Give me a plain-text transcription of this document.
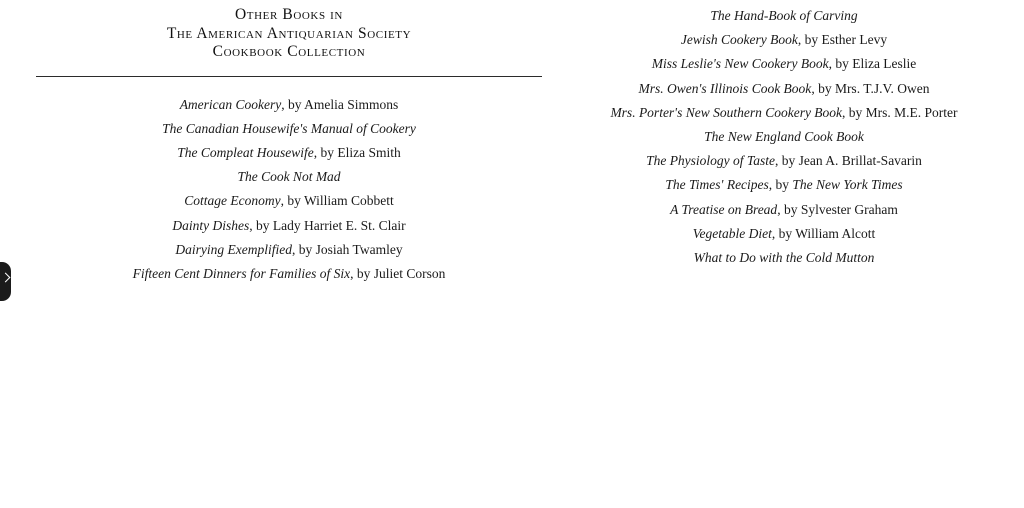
Other Books in
The American Antiquarian Society
Cookbook Collection
American Cookery, by Amelia Simmons
The Canadian Housewife's Manual of Cookery
The Compleat Housewife, by Eliza Smith
The Cook Not Mad
Cottage Economy, by William Cobbett
Dainty Dishes, by Lady Harriet E. St. Clair
Dairying Exemplified, by Josiah Twamley
Fifteen Cent Dinners for Families of Six, by Juliet Corson
The Hand-Book of Carving
Jewish Cookery Book, by Esther Levy
Miss Leslie's New Cookery Book, by Eliza Leslie
Mrs. Owen's Illinois Cook Book, by Mrs. T.J.V. Owen
Mrs. Porter's New Southern Cookery Book, by Mrs. M.E. Porter
The New England Cook Book
The Physiology of Taste, by Jean A. Brillat-Savarin
The Times' Recipes, by The New York Times
A Treatise on Bread, by Sylvester Graham
Vegetable Diet, by William Alcott
What to Do with the Cold Mutton
